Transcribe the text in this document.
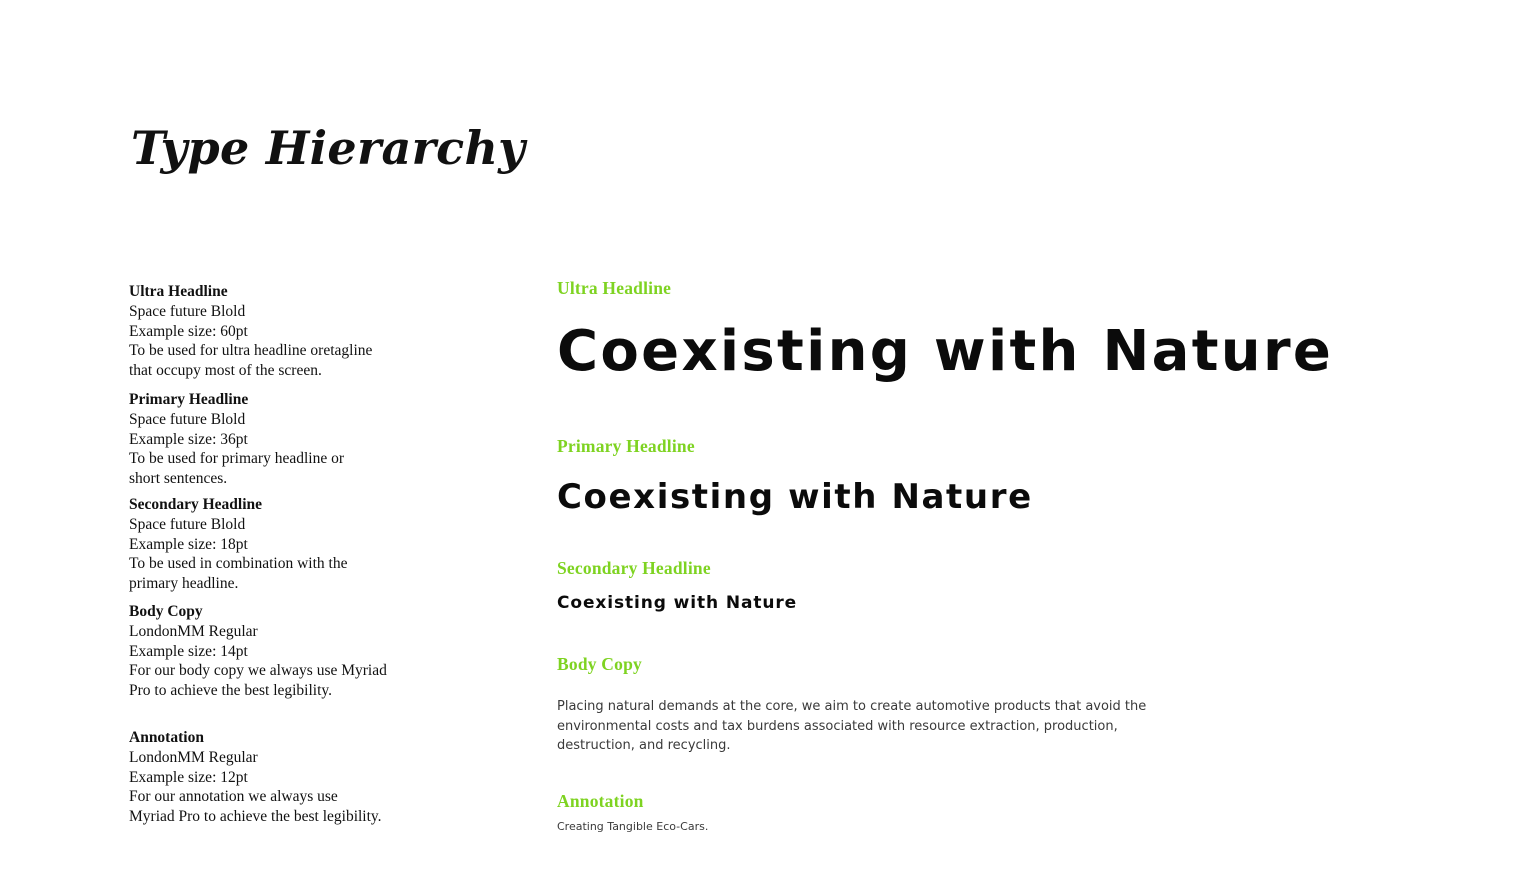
Type Hierarchy
Ultra Headline
Space future Blold
Example size: 60pt
To be used for ultra headline oretagline
that occupy most of the screen.
Primary Headline
Space future Blold
Example size: 36pt
To be used for primary headline or
short sentences.
Secondary Headline
Space future Blold
Example size: 18pt
To be used in combination with the
primary headline.
Body Copy
LondonMM Regular
Example size: 14pt
For our body copy we always use Myriad
Pro to achieve the best legibility.
Annotation
LondonMM Regular
Example size: 12pt
For our annotation we always use
Myriad Pro to achieve the best legibility.
Ultra Headline
Coexisting with Nature
Primary Headline
Coexisting with Nature
Secondary Headline
Coexisting with Nature
Body Copy
Placing natural demands at the core, we aim to create automotive products that avoid the environmental costs and tax burdens associated with resource extraction, production, destruction, and recycling.
Annotation
Creating Tangible Eco-Cars.
